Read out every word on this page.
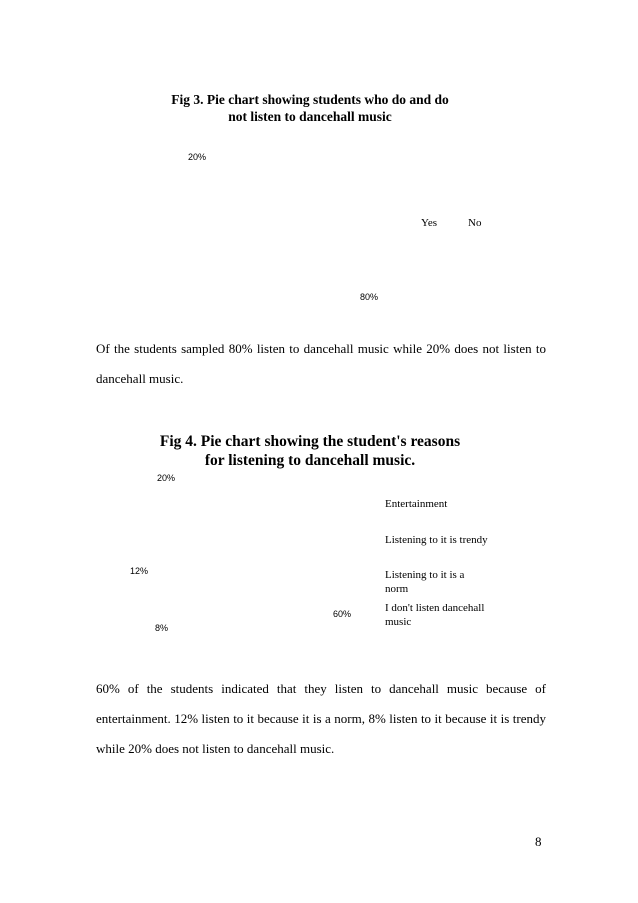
Fig 3. Pie chart showing students who do and do
not listen to dancehall music
20%
80%
Yes	No
Of the students sampled 80% listen to dancehall music while 20% does not listen to
dancehall music.
Fig 4. Pie chart showing the student's reasons
for listening to dancehall music.
20%
12%
8%
60%
Entertainment
Listening to it is trendy
Listening to it is a
norm
I don't listen dancehall
music
60% of the students indicated that they listen to dancehall music because of
entertainment. 12% listen to it because it is a norm, 8% listen to it because it is trendy
while 20% does not listen to dancehall music.
8
